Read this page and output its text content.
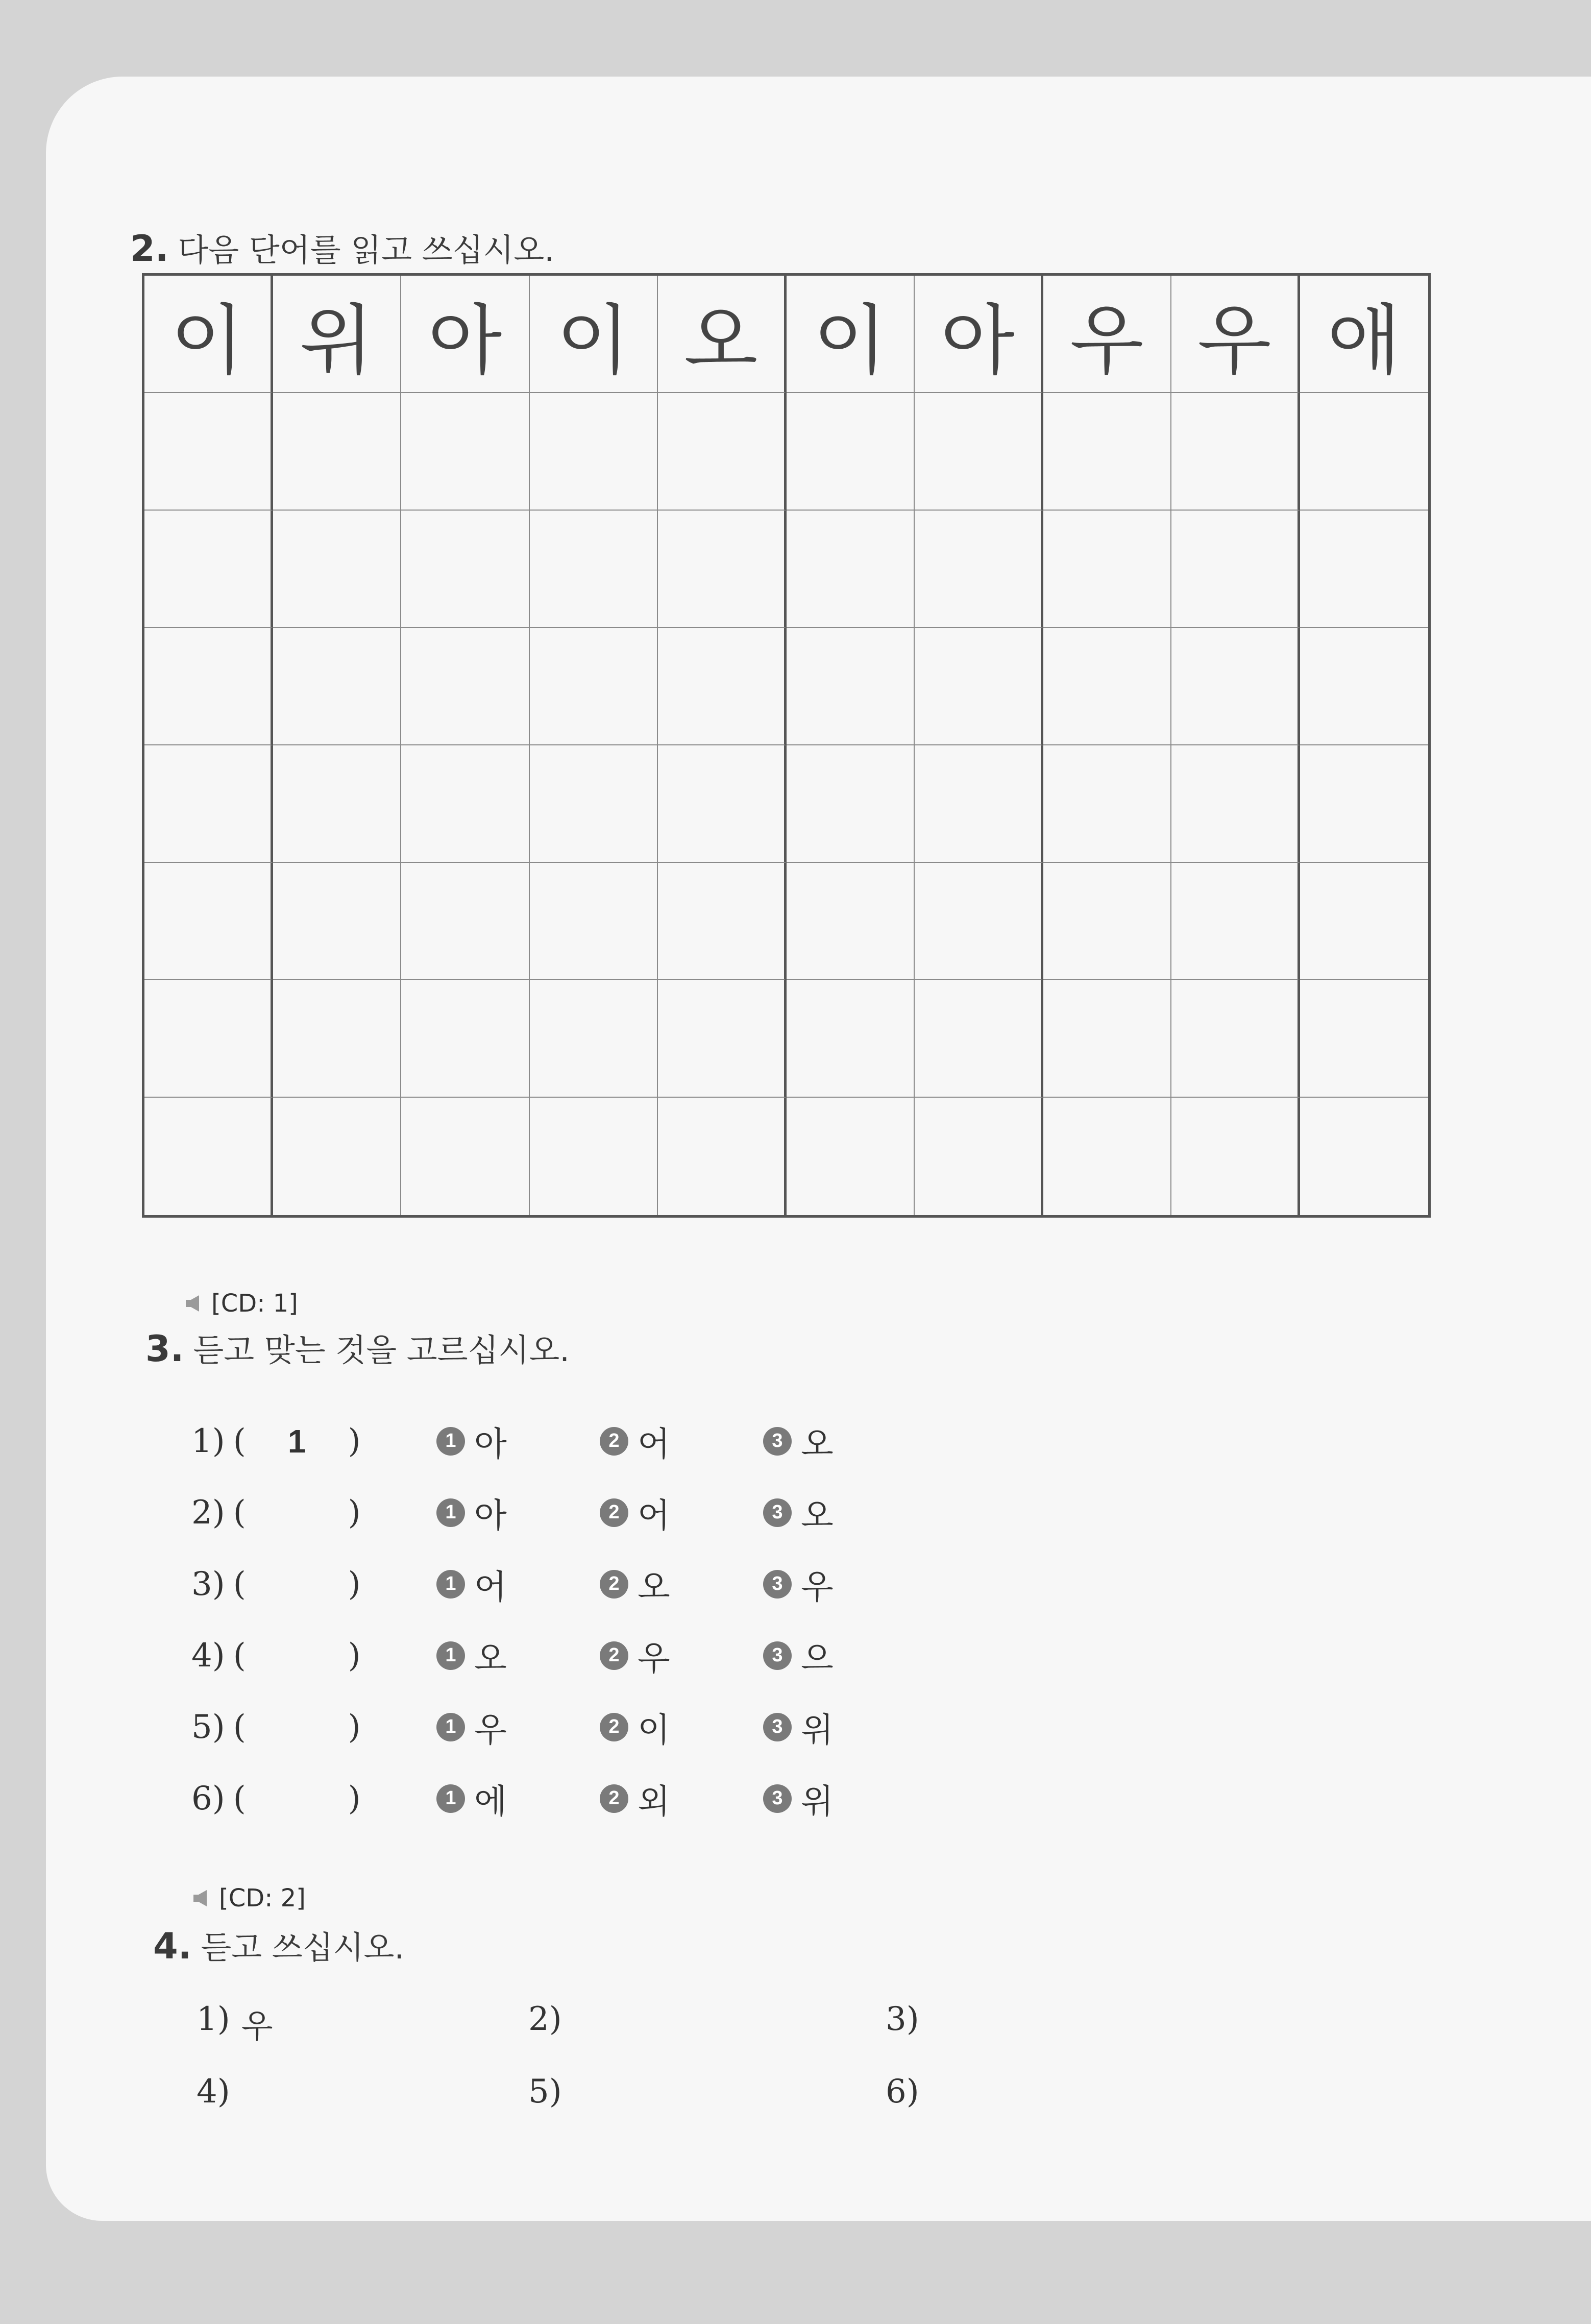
2. 다음 단어를 읽고 쓰십시오.
이 위 아 이 오 이 아 우 우 애
[CD: 1]
3. 듣고 맞는 것을 고르십시오.
1) (	1	)	1 아	2 어	3 오
2) (	)	1 아	2 어	3 오
3) (	)	1 어	2 오	3 우
4) (	)	1 오	2 우	3 으
5) (	)	1 우	2 이	3 위
6) (	)	1 에	2 외	3 위
[CD: 2]
4. 듣고 쓰십시오.
1) 우	2)	3)
4)	5)	6)
